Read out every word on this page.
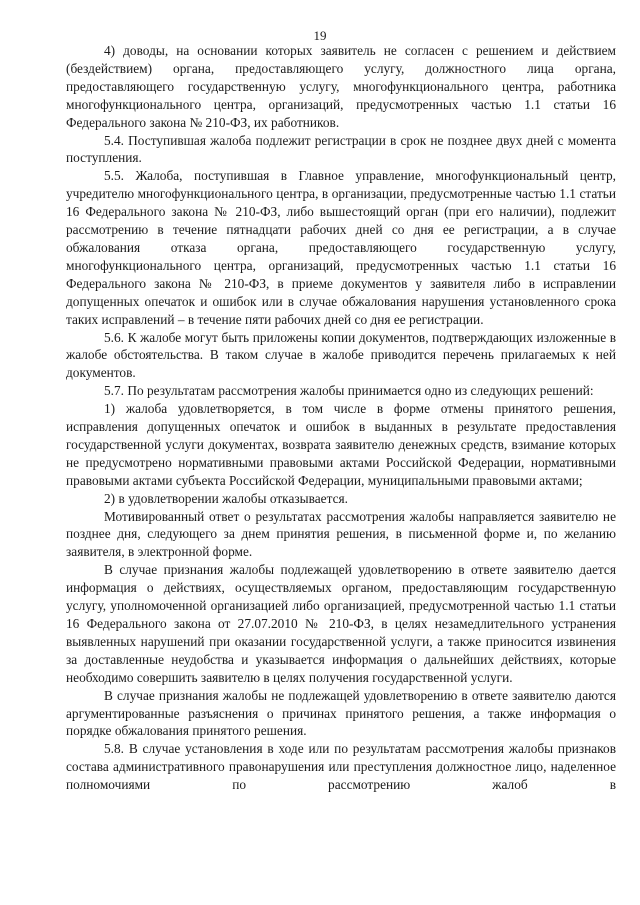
19

4) доводы, на основании которых заявитель не согласен с решением и действием (бездействием) органа, предоставляющего услугу, должностного лица органа, предоставляющего государственную услугу, многофункционального центра, работника многофункционального центра, организаций, предусмотренных частью 1.1 статьи 16 Федерального закона № 210-ФЗ, их работников.

5.4. Поступившая жалоба подлежит регистрации в срок не позднее двух дней с момента поступления.

5.5. Жалоба, поступившая в Главное управление, многофункциональный центр, учредителю многофункционального центра, в организации, предусмотренные частью 1.1 статьи 16 Федерального закона № 210-ФЗ, либо вышестоящий орган (при его наличии), подлежит рассмотрению в течение пятнадцати рабочих дней со дня ее регистрации, а в случае обжалования отказа органа, предоставляющего государственную услугу, многофункционального центра, организаций, предусмотренных частью 1.1 статьи 16 Федерального закона № 210-ФЗ, в приеме документов у заявителя либо в исправлении допущенных опечаток и ошибок или в случае обжалования нарушения установленного срока таких исправлений – в течение пяти рабочих дней со дня ее регистрации.

5.6. К жалобе могут быть приложены копии документов, подтверждающих изложенные в жалобе обстоятельства. В таком случае в жалобе приводится перечень прилагаемых к ней документов.

5.7. По результатам рассмотрения жалобы принимается одно из следующих решений:

1) жалоба удовлетворяется, в том числе в форме отмены принятого решения, исправления допущенных опечаток и ошибок в выданных в результате предоставления государственной услуги документах, возврата заявителю денежных средств, взимание которых не предусмотрено нормативными правовыми актами Российской Федерации, нормативными правовыми актами субъекта Российской Федерации, муниципальными правовыми актами;

2) в удовлетворении жалобы отказывается.

Мотивированный ответ о результатах рассмотрения жалобы направляется заявителю не позднее дня, следующего за днем принятия решения, в письменной форме и, по желанию заявителя, в электронной форме.

В случае признания жалобы подлежащей удовлетворению в ответе заявителю дается информация о действиях, осуществляемых органом, предоставляющим государственную услугу, уполномоченной организацией либо организацией, предусмотренной частью 1.1 статьи 16 Федерального закона от 27.07.2010 № 210-ФЗ, в целях незамедлительного устранения выявленных нарушений при оказании государственной услуги, а также приносится извинения за доставленные неудобства и указывается информация о дальнейших действиях, которые необходимо совершить заявителю в целях получения государственной услуги.

В случае признания жалобы не подлежащей удовлетворению в ответе заявителю даются аргументированные разъяснения о причинах принятого решения, а также информация о порядке обжалования принятого решения.

5.8. В случае установления в ходе или по результатам рассмотрения жалобы признаков состава административного правонарушения или преступления должностное лицо, наделенное полномочиями по рассмотрению жалоб в
